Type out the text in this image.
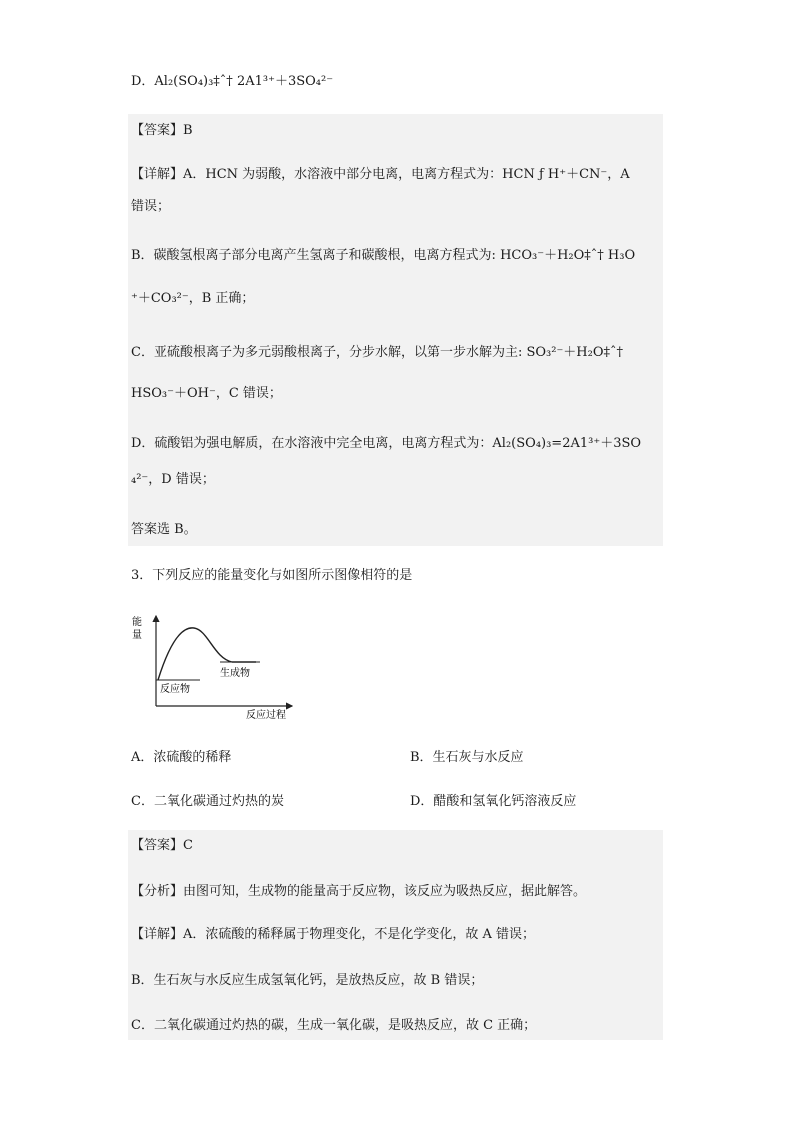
D．Al₂(SO₄)₃‡ˆ† 2A1³⁺＋3SO₄²⁻
【答案】B
【详解】A．HCN 为弱酸，水溶液中部分电离，电离方程式为：HCN ƒ H⁺＋CN⁻，A
错误；
B．碳酸氢根离子部分电离产生氢离子和碳酸根，电离方程式为: HCO₃⁻＋H₂O‡ˆ† H₃O
⁺＋CO₃²⁻，B 正确；
C．亚硫酸根离子为多元弱酸根离子，分步水解，以第一步水解为主: SO₃²⁻＋H₂O‡ˆ†
HSO₃⁻＋OH⁻，C 错误；
D．硫酸铝为强电解质，在水溶液中完全电离，电离方程式为：Al₂(SO₄)₃=2A1³⁺＋3SO
₄²⁻，D 错误；
答案选 B。
3．下列反应的能量变化与如图所示图像相符的是
能
量
生成物
反应物
反应过程
A．浓硫酸的稀释	B．生石灰与水反应
C．二氧化碳通过灼热的炭	D．醋酸和氢氧化钙溶液反应
【答案】C
【分析】由图可知，生成物的能量高于反应物，该反应为吸热反应，据此解答。
【详解】A．浓硫酸的稀释属于物理变化，不是化学变化，故 A 错误；
B．生石灰与水反应生成氢氧化钙，是放热反应，故 B 错误；
C．二氧化碳通过灼热的碳，生成一氧化碳，是吸热反应，故 C 正确；
